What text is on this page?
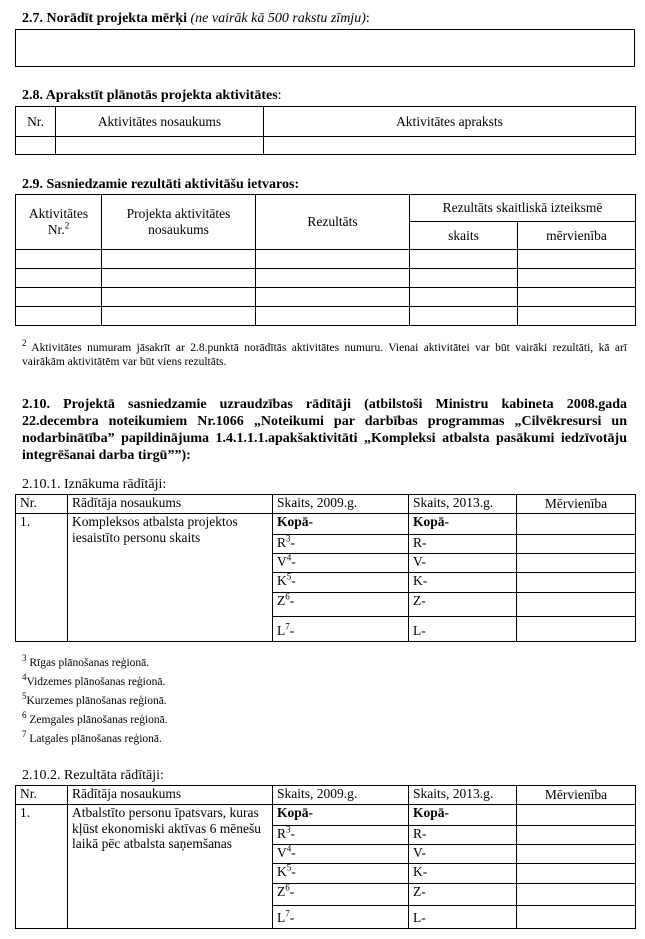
2.7. Norādīt projekta mērķi (ne vairāk kā 500 rakstu zīmju):
2.8. Aprakstīt plānotās projekta aktivitātes:
Nr.	Aktivitātes nosaukums	Aktivitātes apraksts

2.9. Sasniedzamie rezultāti aktivitāšu ietvaros:
Aktivitātes Nr.$^2$	Projekta aktivitātes nosaukums	Rezultāts	Rezultāts skaitliskā izteiksmē	
			skaits	mērvienība

$^2$ Aktivitātes numuram jāsakrīt ar 2.8.punktā norādītās aktivitātes numuru. Vienai aktivitātei var būt vairāki rezultāti, kā arī vairākām aktivitātēm var būt viens rezultāts.
2.10. Projektā sasniedzamie uzraudzības rādītāji (atbilstoši Ministru kabineta 2008.gada 22.decembra noteikumiem Nr.1066 „Noteikumi par darbības programmas „Cilvēkresursi un nodarbinātība” papildinājuma 1.4.1.1.1.apakšaktivitāti „Kompleksi atbalsta pasākumi iedzīvotāju integrēšanai darba tirgū””):
2.10.1. Iznākuma rādītāji:
Nr.	Rādītāja nosaukums	Skaits, 2009.g.	Skaits, 2013.g.	Mērvienība
1.	Kompleksos atbalsta projektos iesaistīto personu skaits	Kopā-	Kopā-	
		$R^3-$	R-	
		$V^4-$	V-	
		$K^5-$	K-	
		$Z^6-$	Z-	
		$L^7-$	L-	
$^3$ Rīgas plānošanas reģionā.
$^4$Vidzemes plānošanas reģionā.
$^5$Kurzemes plānošanas reģionā.
$^6$ Zemgales plānošanas reģionā.
$^7$ Latgales plānošanas reģionā.
2.10.2. Rezultāta rādītāji:
Nr.	Rādītāja nosaukums	Skaits, 2009.g.	Skaits, 2013.g.	Mērvienība
1.	Atbalstīto personu īpatsvars, kuras kļūst ekonomiski aktīvas 6 mēnešu laikā pēc atbalsta saņemšanas	Kopā-	Kopā-	
		$R^3-$	R-	
		$V^4-$	V-	
		$K^5-$	K-	
		$Z^6-$	Z-	
		$L^7-$	L-	
